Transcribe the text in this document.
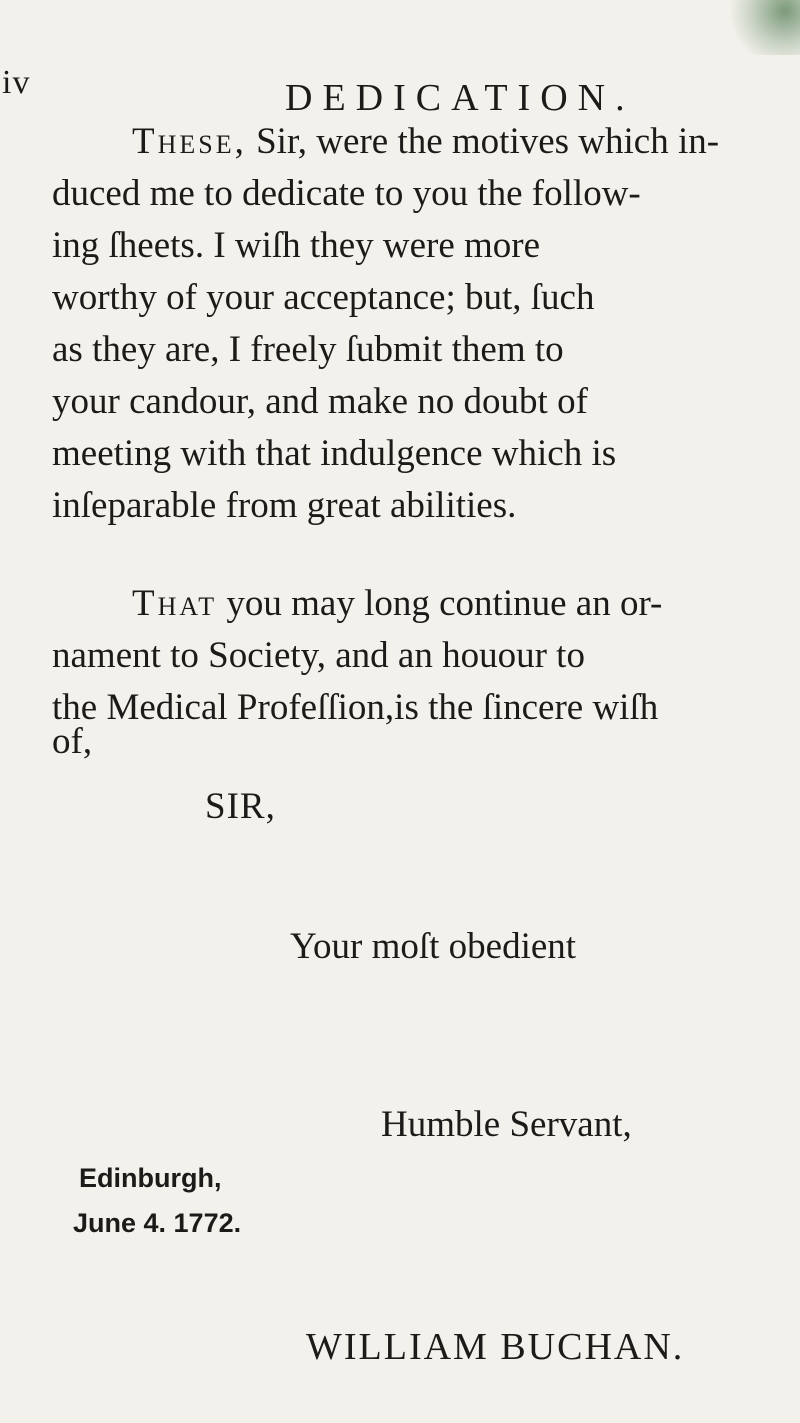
iv	DEDICATION.
These, Sir, were the motives which in-
duced me to dedicate to you the follow-
ing ſheets. I wiſh they were more
worthy of your acceptance; but, ſuch
as they are, I freely ſubmit them to
your candour, and make no doubt of
meeting with that indulgence which is
inſeparable from great abilities.
That you may long continue an or-
nament to Society, and an houour to
the Medical Profeſſion,is the ſincere wiſh
of,
SIR,
Your moſt obedient
Humble Servant,
Edinburgh,
June 4. 1772.
WILLIAM BUCHAN.
